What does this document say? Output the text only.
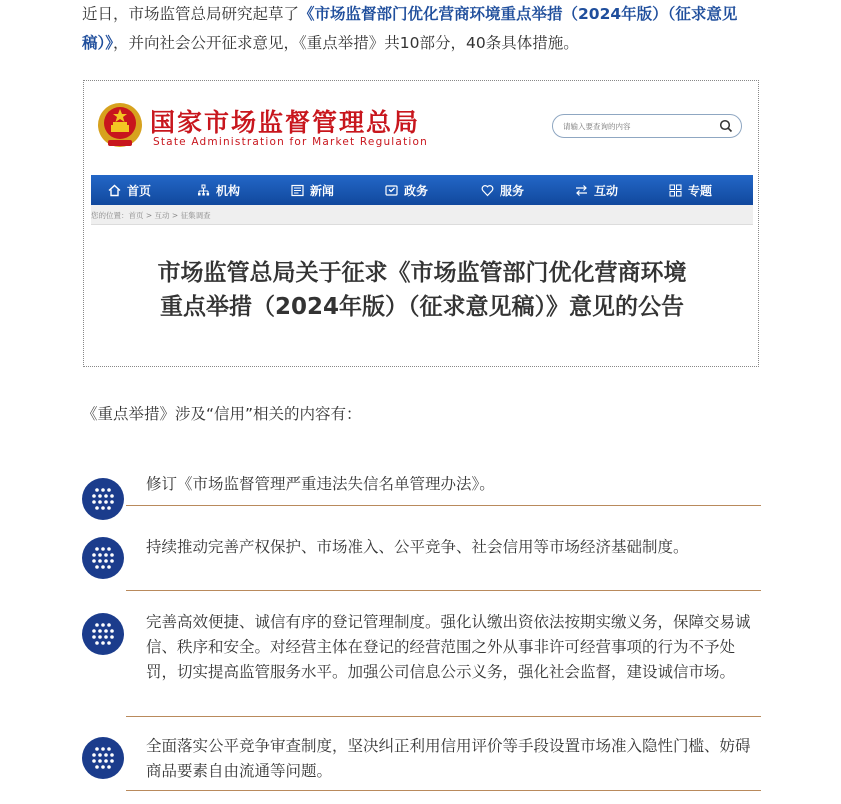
近日，市场监管总局研究起草了《市场监督部门优化营商环境重点举措（2024年版）（征求意见稿）》，并向社会公开征求意见，《重点举措》共10部分，40条具体措施。

国家市场监督管理总局
State Administration for Market Regulation
请输入要查询的内容
首页	机构	新闻	政务	服务	互动	专题
您的位置：首页 > 互动 > 征集调查
市场监管总局关于征求《市场监管部门优化营商环境重点举措（2024年版）（征求意见稿）》意见的公告

《重点举措》涉及“信用”相关的内容有：

修订《市场监督管理严重违法失信名单管理办法》。
持续推动完善产权保护、市场准入、公平竞争、社会信用等市场经济基础制度。
完善高效便捷、诚信有序的登记管理制度。强化认缴出资依法按期实缴义务，保障交易诚信、秩序和安全。对经营主体在登记的经营范围之外从事非许可经营事项的行为不予处罚，切实提高监管服务水平。加强公司信息公示义务，强化社会监督，建设诚信市场。
全面落实公平竞争审查制度，坚决纠正利用信用评价等手段设置市场准入隐性门槛、妨碍商品要素自由流通等问题。
